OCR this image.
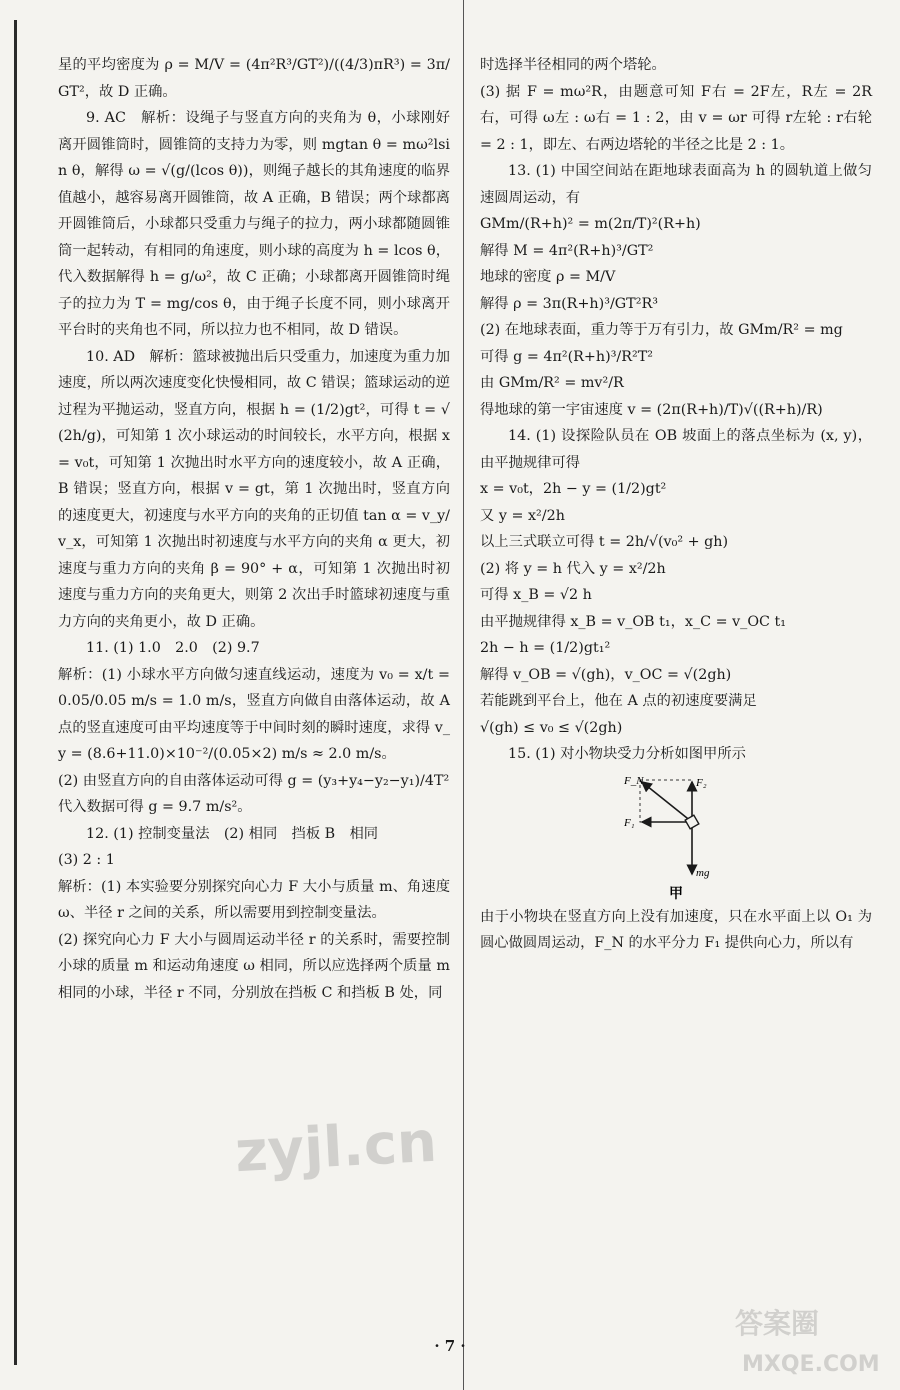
星的平均密度为 ρ = M/V = (4π²R³/GT²)/((4/3)πR³) = 3π/GT²，故 D 正确。

9. AC　解析：设绳子与竖直方向的夹角为 θ，小球刚好离开圆锥筒时，圆锥筒的支持力为零，则 mgtan θ = mω²lsin θ，解得 ω = √(g/(lcos θ))，则绳子越长的其角速度的临界值越小，越容易离开圆锥筒，故 A 正确，B 错误；两个球都离开圆锥筒后，小球都只受重力与绳子的拉力，两小球都随圆锥筒一起转动，有相同的角速度，则小球的高度为 h = lcos θ，代入数据解得 h = g/ω²，故 C 正确；小球都离开圆锥筒时绳子的拉力为 T = mg/cos θ，由于绳子长度不同，则小球离开平台时的夹角也不同，所以拉力也不相同，故 D 错误。

10. AD　解析：篮球被抛出后只受重力，加速度为重力加速度，所以两次速度变化快慢相同，故 C 错误；篮球运动的逆过程为平抛运动，竖直方向，根据 h = (1/2)gt²，可得 t = √(2h/g)，可知第 1 次小球运动的时间较长，水平方向，根据 x = v₀t，可知第 1 次抛出时水平方向的速度较小，故 A 正确，B 错误；竖直方向，根据 v = gt，第 1 次抛出时，竖直方向的速度更大，初速度与水平方向的夹角的正切值 tan α = v_y/v_x，可知第 1 次抛出时初速度与水平方向的夹角 α 更大，初速度与重力方向的夹角 β = 90° + α，可知第 1 次抛出时初速度与重力方向的夹角更大，则第 2 次出手时篮球初速度与重力方向的夹角更小，故 D 正确。

11. (1) 1.0　2.0　(2) 9.7

解析：(1) 小球水平方向做匀速直线运动，速度为 v₀ = x/t = 0.05/0.05 m/s = 1.0 m/s，竖直方向做自由落体运动，故 A 点的竖直速度可由平均速度等于中间时刻的瞬时速度，求得 v_y = (8.6+11.0)×10⁻²/(0.05×2) m/s ≈ 2.0 m/s。

(2) 由竖直方向的自由落体运动可得 g = (y₃+y₄−y₂−y₁)/4T²

代入数据可得 g = 9.7 m/s²。

12. (1) 控制变量法　(2) 相同　挡板 B　相同

(3) 2 : 1

解析：(1) 本实验要分别探究向心力 F 大小与质量 m、角速度 ω、半径 r 之间的关系，所以需要用到控制变量法。

(2) 探究向心力 F 大小与圆周运动半径 r 的关系时，需要控制小球的质量 m 和运动角速度 ω 相同，所以应选择两个质量 m 相同的小球，半径 r 不同，分别放在挡板 C 和挡板 B 处，同

时选择半径相同的两个塔轮。

(3) 据 F = mω²R，由题意可知 F右 = 2F左，R左 = 2R右，可得 ω左 : ω右 = 1 : 2，由 v = ωr 可得 r左轮 : r右轮 = 2 : 1，即左、右两边塔轮的半径之比是 2 : 1。

13. (1) 中国空间站在距地球表面高为 h 的圆轨道上做匀速圆周运动，有

GMm/(R+h)² = m(2π/T)²(R+h)

解得 M = 4π²(R+h)³/GT²

地球的密度 ρ = M/V

解得 ρ = 3π(R+h)³/GT²R³

(2) 在地球表面，重力等于万有引力，故 GMm/R² = mg

可得 g = 4π²(R+h)³/R²T²

由 GMm/R² = mv²/R

得地球的第一宇宙速度 v = (2π(R+h)/T)√((R+h)/R)

14. (1) 设探险队员在 OB 坡面上的落点坐标为 (x, y)，由平抛规律可得

x = v₀t，2h − y = (1/2)gt²

又 y = x²/2h

以上三式联立可得 t = 2h/√(v₀² + gh)

(2) 将 y = h 代入 y = x²/2h

可得 x_B = √2 h

由平抛规律得 x_B = v_OB t₁，x_C = v_OC t₁

2h − h = (1/2)gt₁²

解得 v_OB = √(gh)，v_OC = √(2gh)

若能跳到平台上，他在 A 点的初速度要满足

√(gh) ≤ v₀ ≤ √(2gh)

15. (1) 对小物块受力分析如图甲所示

F_N	F₂
F₁
mg
甲

由于小物块在竖直方向上没有加速度，只在水平面上以 O₁ 为圆心做圆周运动，F_N 的水平分力 F₁ 提供向心力，所以有

zyjl.cn
答案圈
MXQE.COM
· 7 ·
